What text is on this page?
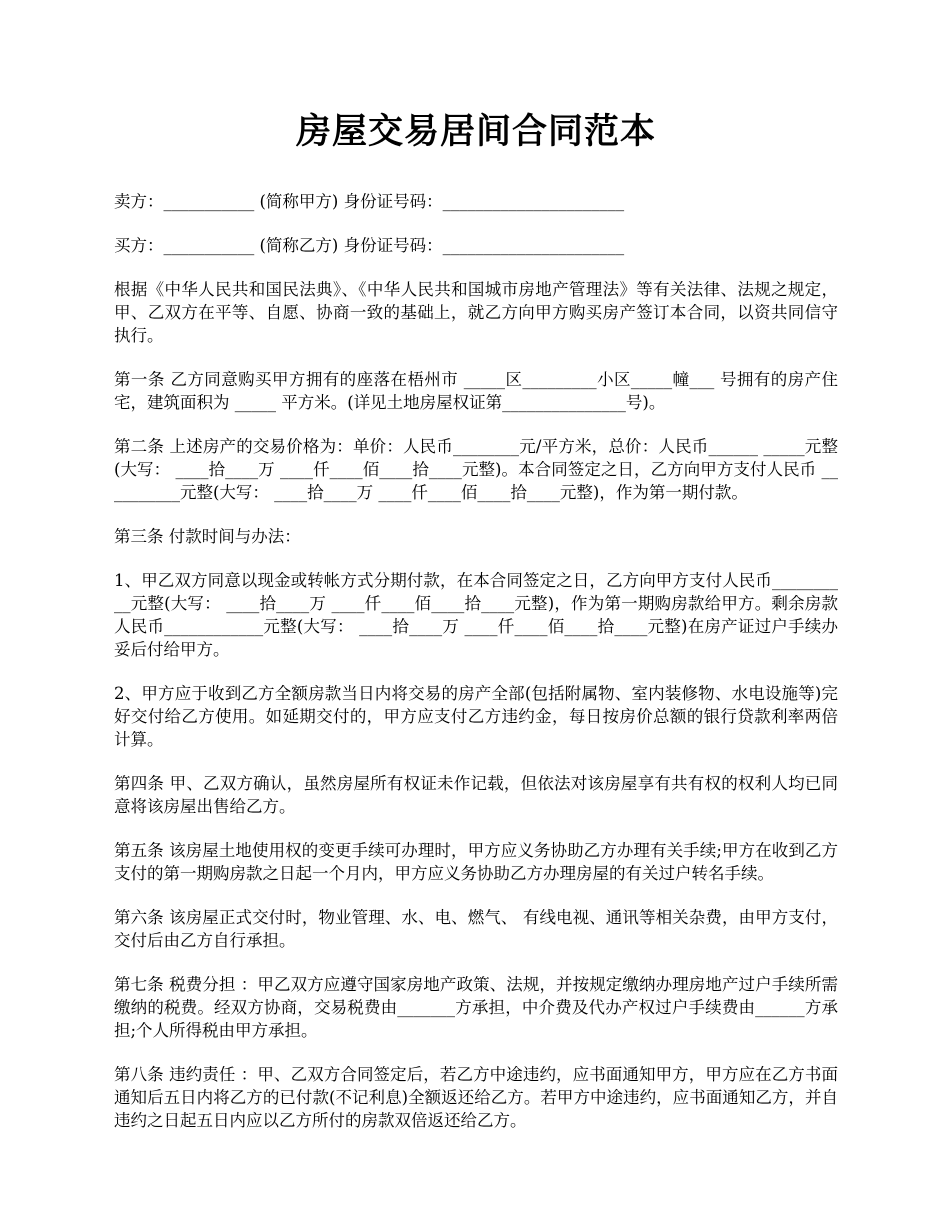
房屋交易居间合同范本

卖方：___________ (简称甲方) 身份证号码：______________________

买方：___________ (简称乙方) 身份证号码：______________________

根据《中华人民共和国民法典》、《中华人民共和国城市房地产管理法》等有关法律、法规之规定，甲、乙双方在平等、自愿、协商一致的基础上，就乙方向甲方购买房产签订本合同，以资共同信守执行。

第一条 乙方同意购买甲方拥有的座落在梧州市 _____区_________小区_____幢___ 号拥有的房产住宅，建筑面积为 _____ 平方米。(详见土地房屋权证第_______________号)。

第二条 上述房产的交易价格为：单价：人民币________元/平方米，总价：人民币______ _____元整(大写： ____拾____万 ____仟____佰____拾____元整)。本合同签定之日，乙方向甲方支付人民币 __________元整(大写： ____拾____万 ____仟____佰____拾____元整)，作为第一期付款。

第三条 付款时间与办法：

1、甲乙双方同意以现金或转帐方式分期付款，在本合同签定之日，乙方向甲方支付人民币__________元整(大写： ____拾____万 ____仟____佰____拾____元整)，作为第一期购房款给甲方。剩余房款人民币____________元整(大写： ____拾____万 ____仟____佰____拾____元整)在房产证过户手续办妥后付给甲方。

2、甲方应于收到乙方全额房款当日内将交易的房产全部(包括附属物、室内装修物、水电设施等)完好交付给乙方使用。如延期交付的，甲方应支付乙方违约金，每日按房价总额的银行贷款利率两倍计算。

第四条 甲、乙双方确认，虽然房屋所有权证未作记载，但依法对该房屋享有共有权的权利人均已同意将该房屋出售给乙方。

第五条 该房屋土地使用权的变更手续可办理时，甲方应义务协助乙方办理有关手续;甲方在收到乙方支付的第一期购房款之日起一个月内，甲方应义务协助乙方办理房屋的有关过户转名手续。

第六条 该房屋正式交付时，物业管理、水、电、燃气、 有线电视、通讯等相关杂费，由甲方支付，交付后由乙方自行承担。

第七条 税费分担 ：甲乙双方应遵守国家房地产政策、法规，并按规定缴纳办理房地产过户手续所需缴纳的税费。经双方协商，交易税费由_______方承担，中介费及代办产权过户手续费由______方承担;个人所得税由甲方承担。

第八条 违约责任 ：甲、乙双方合同签定后，若乙方中途违约，应书面通知甲方，甲方应在乙方书面通知后五日内将乙方的已付款(不记利息)全额返还给乙方。若甲方中途违约，应书面通知乙方，并自违约之日起五日内应以乙方所付的房款双倍返还给乙方。
